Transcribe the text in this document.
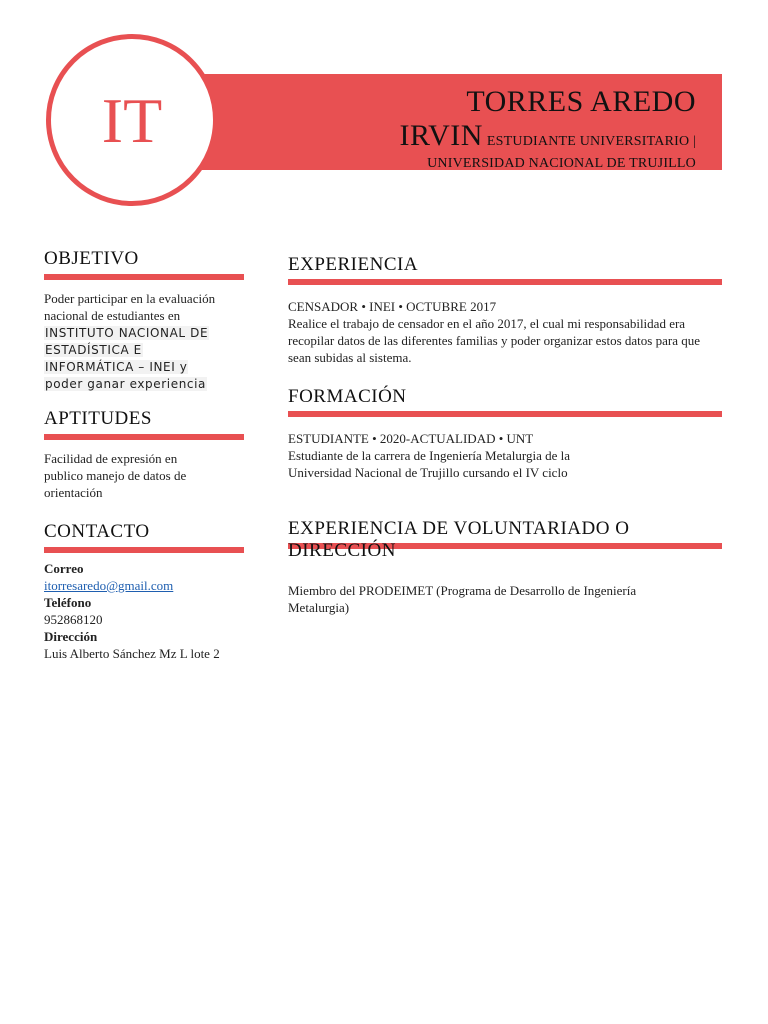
IT	TORRES AREDO
IRVIN ESTUDIANTE UNIVERSITARIO |
UNIVERSIDAD NACIONAL DE TRUJILLO
OBJETIVO
Poder participar en la evaluación
nacional de estudiantes en
INSTITUTO NACIONAL DE
ESTADÍSTICA E
INFORMÁTICA – INEI y
poder ganar experiencia
APTITUDES
Facilidad de expresión en publico manejo de datos de orientación
CONTACTO
Correo
itorresaredo@gmail.com
Teléfono
952868120
Dirección
Luis Alberto Sánchez Mz L lote 2
EXPERIENCIA
CENSADOR • INEI • OCTUBRE 2017
Realice el trabajo de censador en el año 2017, el cual mi responsabilidad era recopilar datos de las diferentes familias y poder organizar estos datos para que sean subidas al sistema.
FORMACIÓN
ESTUDIANTE • 2020-ACTUALIDAD • UNT
Estudiante de la carrera de Ingeniería Metalurgia de la Universidad Nacional de Trujillo cursando el IV ciclo
EXPERIENCIA DE VOLUNTARIADO O DIRECCIÓN
Miembro del PRODEIMET (Programa de Desarrollo de Ingeniería Metalurgia)
